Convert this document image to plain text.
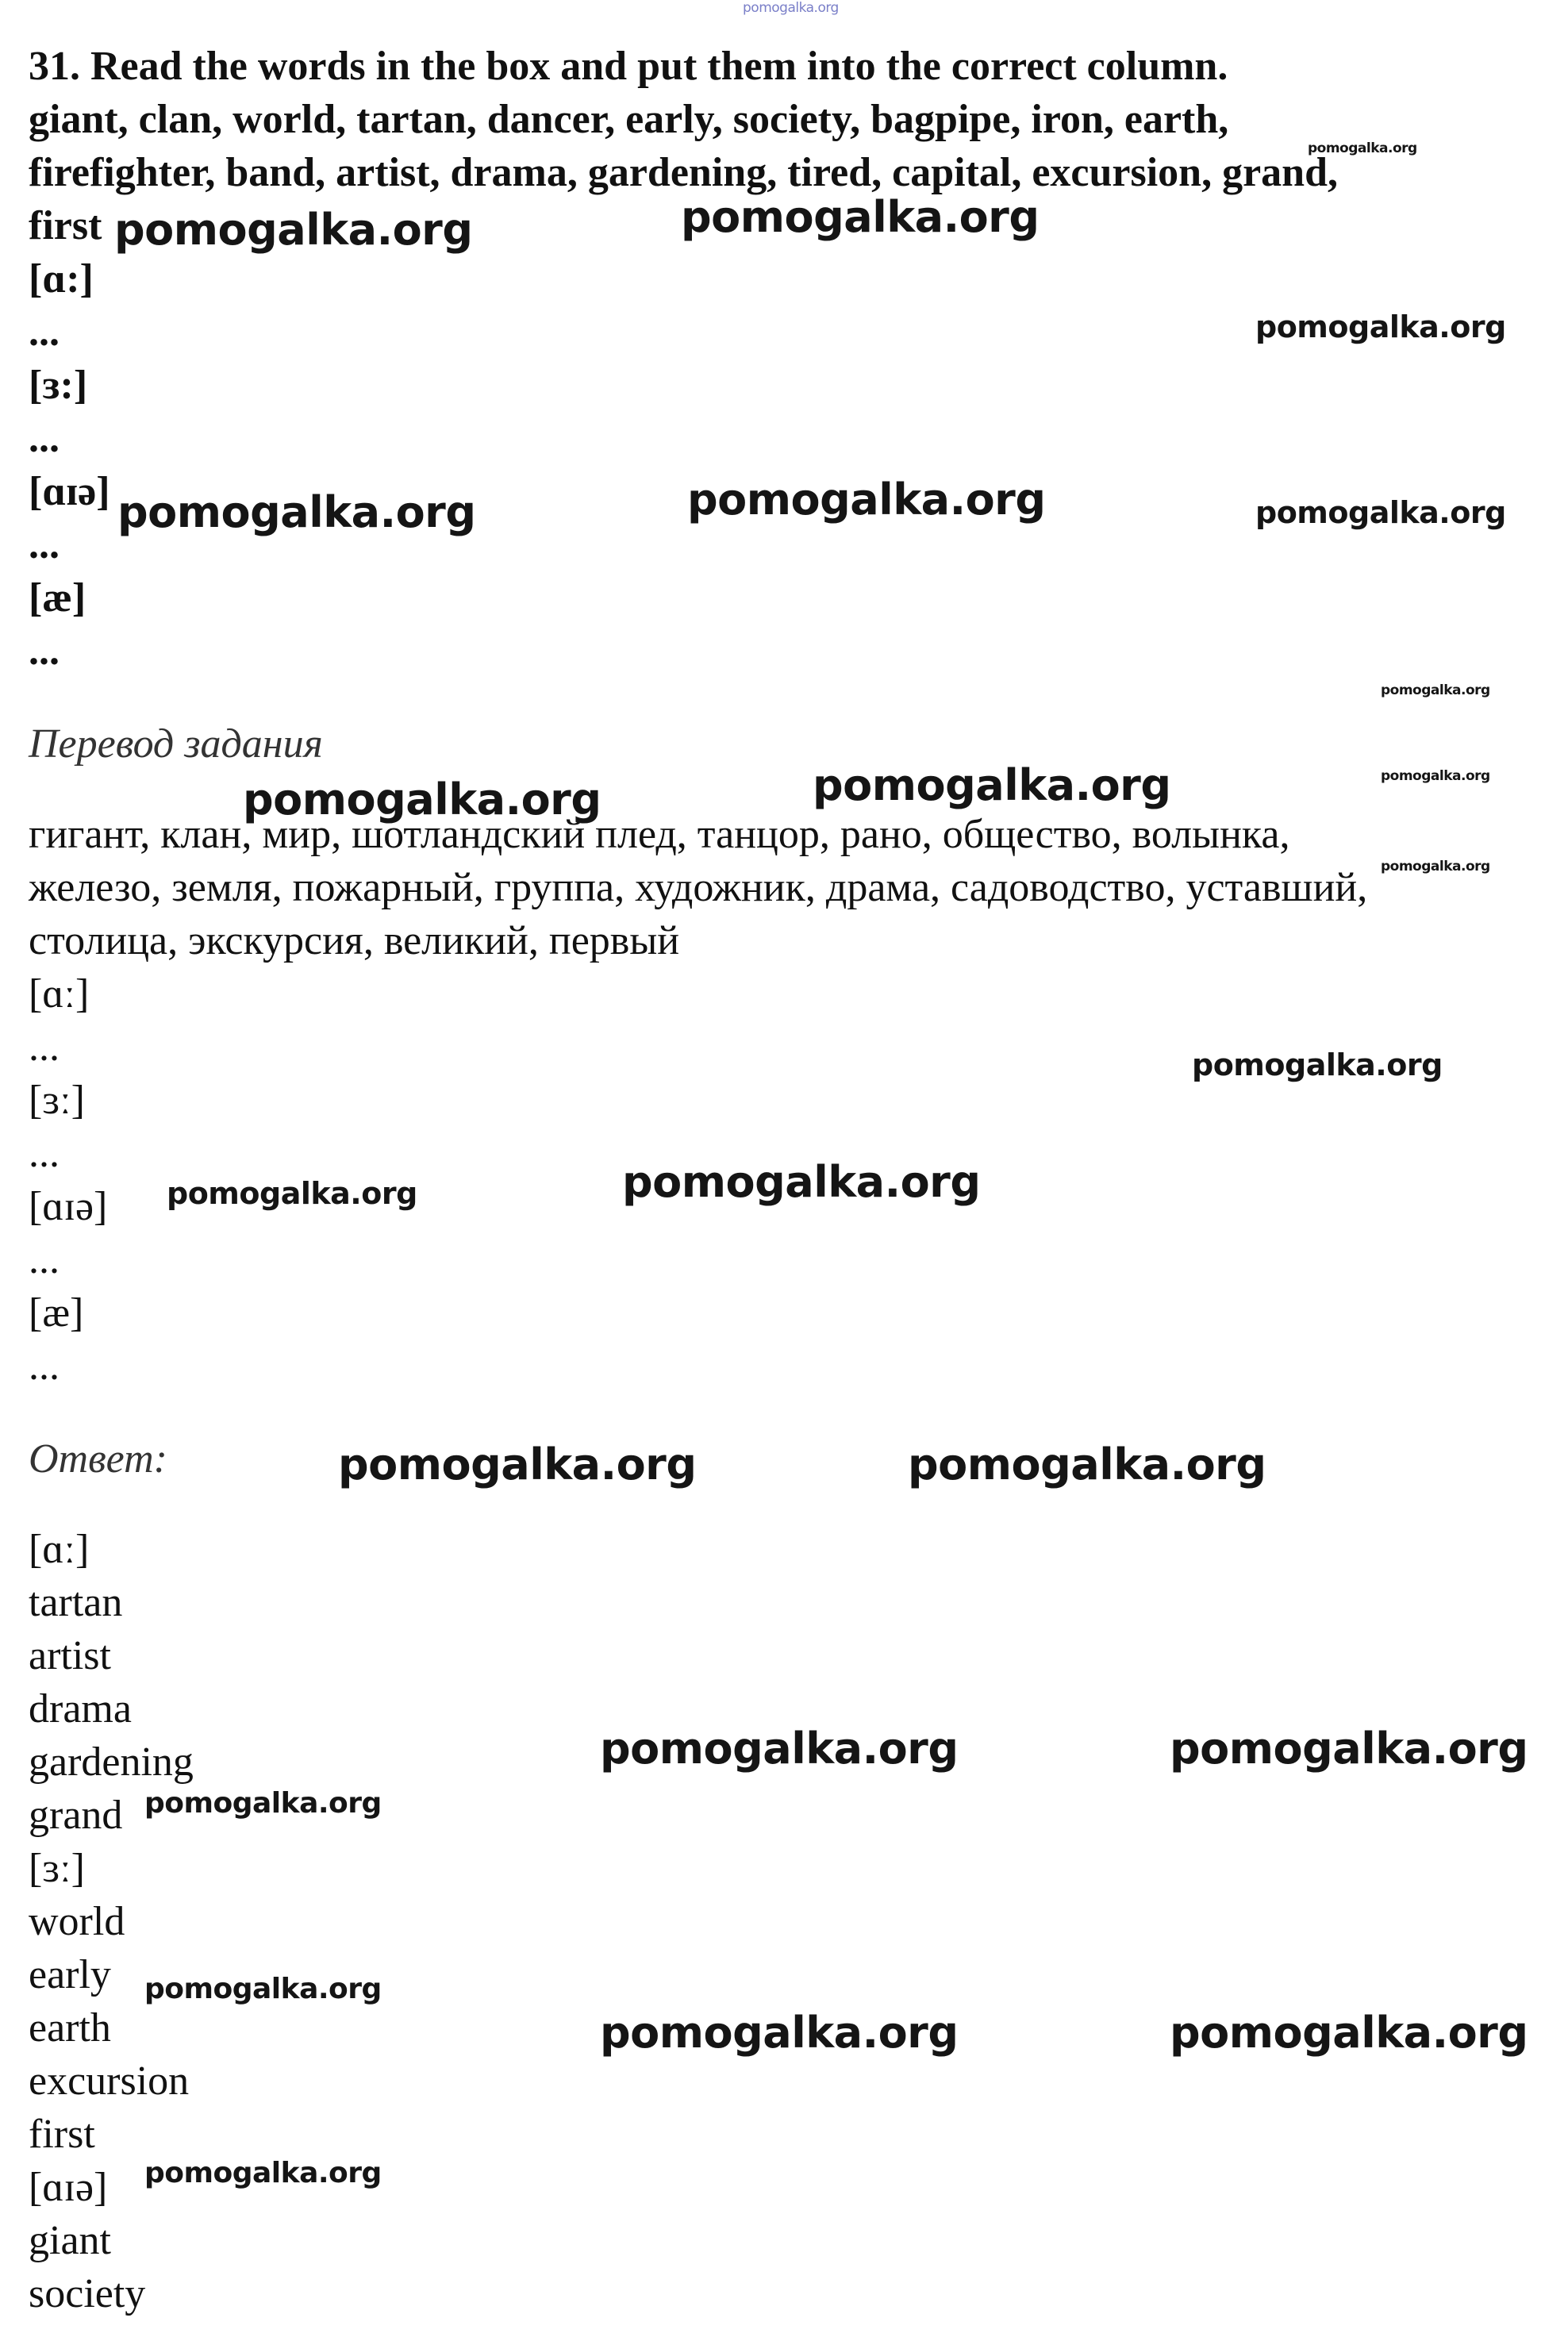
31. Read the words in the box and put them into the correct column.
giant, clan, world, tartan, dancer, early, society, bagpipe, iron, earth,
firefighter, band, artist, drama, gardening, tired, capital, excursion, grand,
first
[ɑ:]
...
[ɜ:]
...
[ɑɪə]
...
[æ]
...
Перевод задания
гигант, клан, мир, шотландский плед, танцор, рано, общество, волынка,
железо, земля, пожарный, группа, художник, драма, садоводство, уставший,
столица, экскурсия, великий, первый
[ɑː]
...
[ɜː]
...
[ɑɪə]
...
[æ]
...
Ответ:
[ɑː]
tartan
artist
drama
gardening
grand
[ɜː]
world
early
earth
excursion
first
[ɑɪə]
giant
society
pomogalka.org
pomogalka.org
pomogalka.org	pomogalka.org
pomogalka.org
pomogalka.org	pomogalka.org	pomogalka.org
pomogalka.org
pomogalka.org
pomogalka.org	pomogalka.org
pomogalka.org
pomogalka.org
pomogalka.org	pomogalka.org
pomogalka.org	pomogalka.org
pomogalka.org	pomogalka.org
pomogalka.org
pomogalka.org
pomogalka.org	pomogalka.org
pomogalka.org
